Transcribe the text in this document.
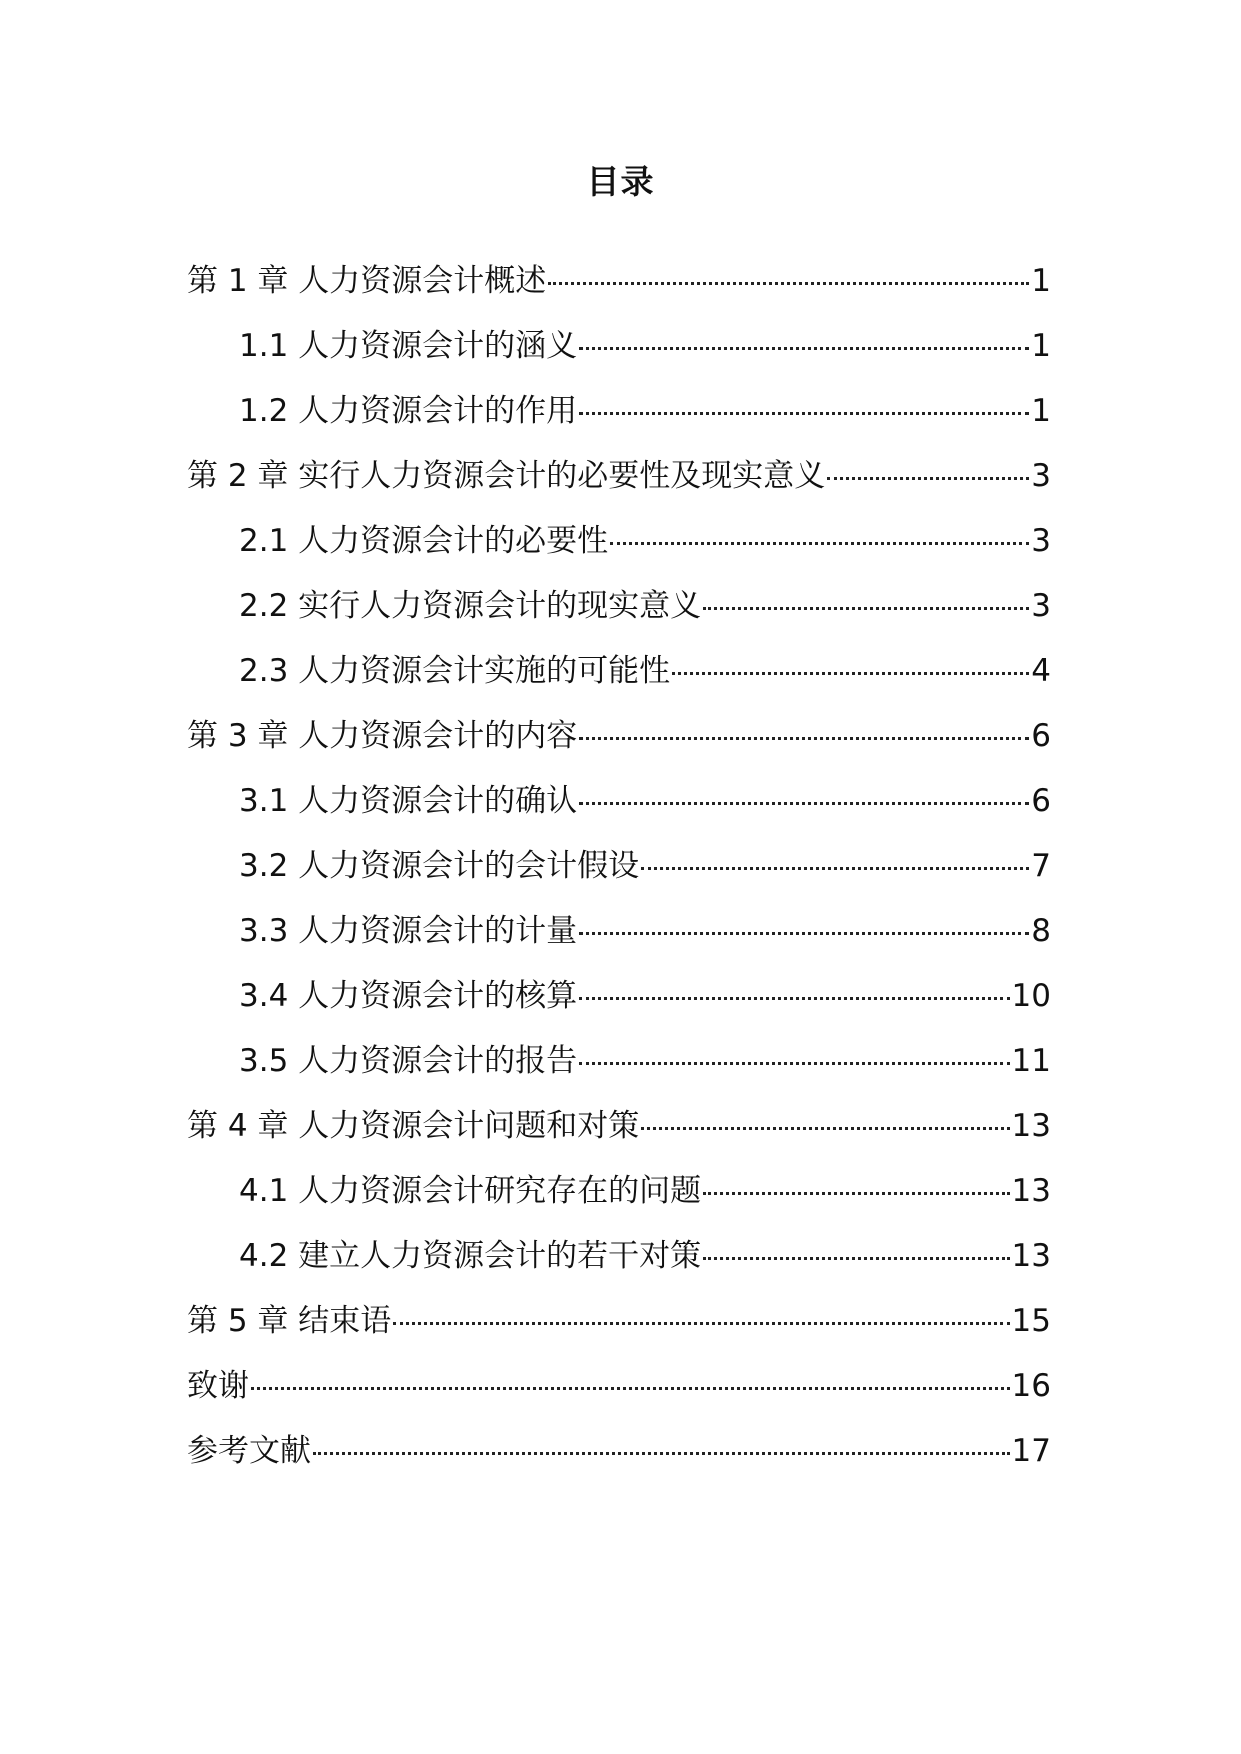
目录
第 1 章 人力资源会计概述	1
1.1 人力资源会计的涵义	1
1.2 人力资源会计的作用	1
第 2 章 实行人力资源会计的必要性及现实意义	3
2.1 人力资源会计的必要性	3
2.2 实行人力资源会计的现实意义	3
2.3 人力资源会计实施的可能性	4
第 3 章 人力资源会计的内容	6
3.1 人力资源会计的确认	6
3.2 人力资源会计的会计假设	7
3.3 人力资源会计的计量	8
3.4 人力资源会计的核算	10
3.5 人力资源会计的报告	11
第 4 章 人力资源会计问题和对策	13
4.1 人力资源会计研究存在的问题	13
4.2 建立人力资源会计的若干对策	13
第 5 章 结束语	15
致谢	16
参考文献	17
